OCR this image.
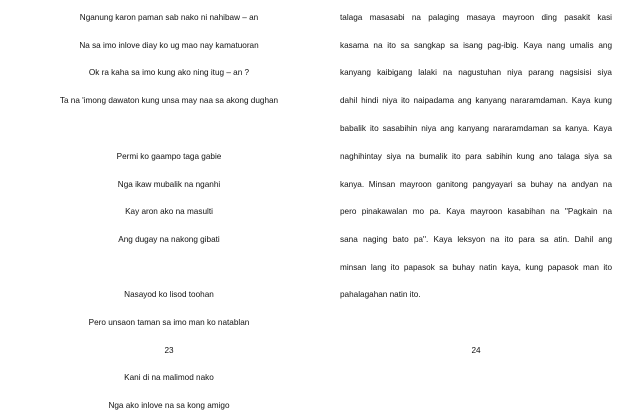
Nganung karon paman sab nako ni nahibaw – an
Na sa imo inlove diay ko ug mao nay kamatuoran
Ok ra kaha sa imo kung ako ning itug – an ?
Ta na 'imong dawaton kung unsa may naa sa akong dughan
Permi ko gaampo taga gabie
Nga ikaw mubalik na nganhi
Kay aron ako na masulti
Ang dugay na nakong gibati
Nasayod ko lisod toohan
Pero unsaon taman sa imo man ko natablan
23
Kani di na malimod nako
Nga ako inlove na sa kong amigo
talaga masasabi na palaging masaya mayroon ding pasakit kasi
kasama na ito sa sangkap sa isang pag-ibig. Kaya nang umalis ang
kanyang kaibigang lalaki na nagustuhan niya parang nagsisisi siya
dahil hindi niya ito naipadama ang kanyang nararamdaman. Kaya kung
babalik ito sasabihin niya ang kanyang nararamdaman sa kanya. Kaya
naghihintay siya na bumalik ito para sabihin kung ano talaga siya sa
kanya. Minsan mayroon ganitong pangyayari sa buhay na andyan na
pero pinakawalan mo pa. Kaya mayroon kasabihan na ''Pagkain na
sana naging bato pa''. Kaya leksyon na ito para sa atin. Dahil ang
minsan lang ito papasok sa buhay natin kaya, kung papasok man ito
pahalagahan natin ito.
24
